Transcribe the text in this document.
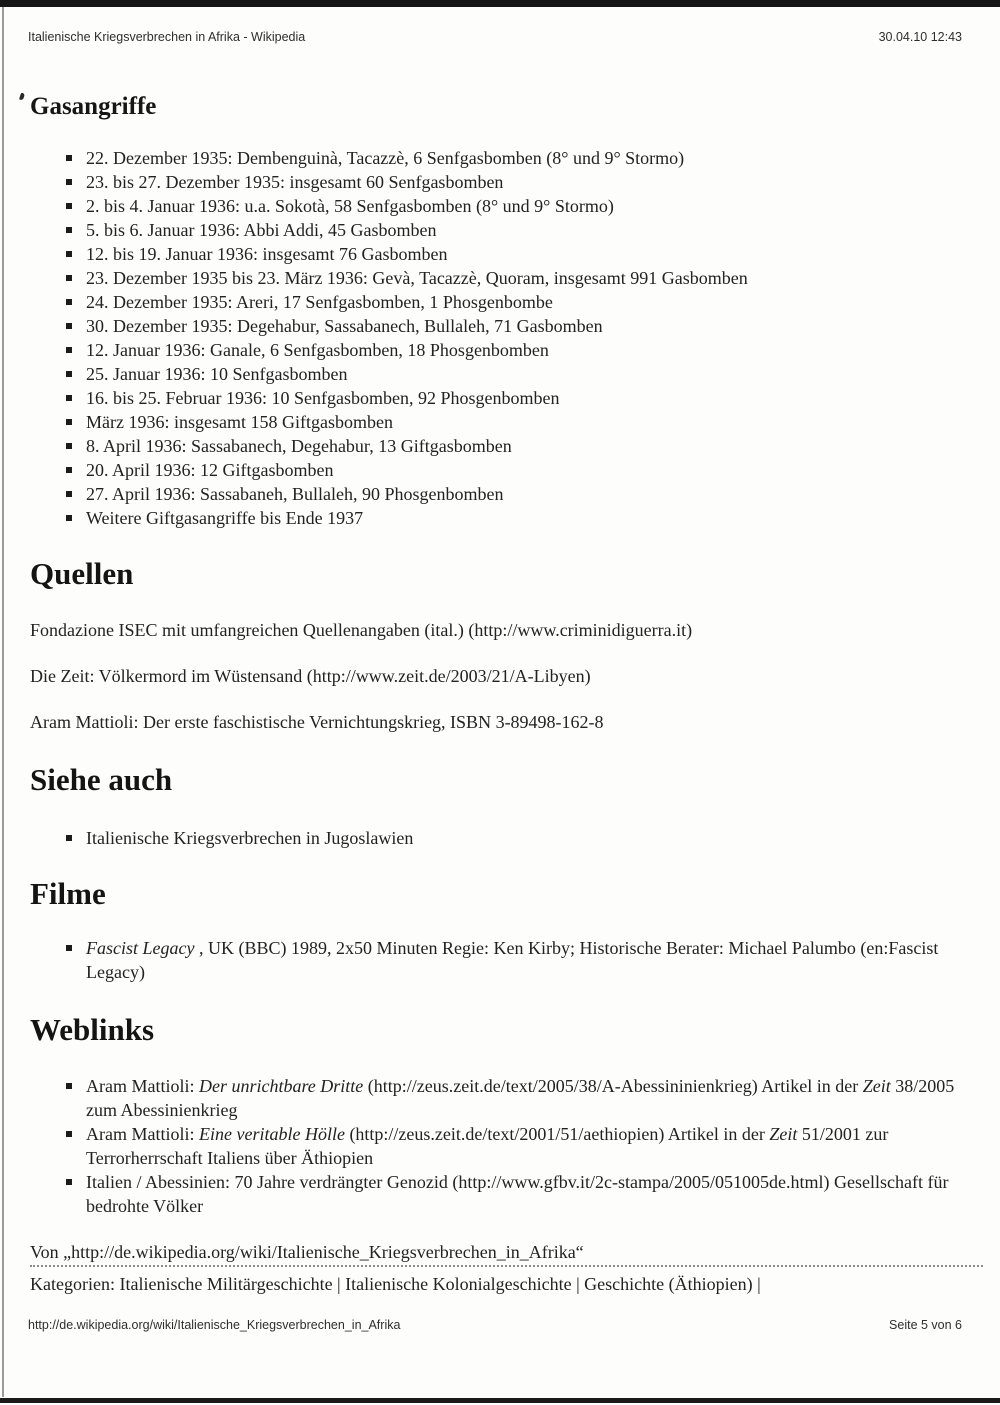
Italienische Kriegsverbrechen in Afrika - Wikipedia	30.04.10 12:43
Gasangriffe
22. Dezember 1935: Dembenguinà, Tacazzè, 6 Senfgasbomben (8° und 9° Stormo)
23. bis 27. Dezember 1935: insgesamt 60 Senfgasbomben
2. bis 4. Januar 1936: u.a. Sokotà, 58 Senfgasbomben (8° und 9° Stormo)
5. bis 6. Januar 1936: Abbi Addi, 45 Gasbomben
12. bis 19. Januar 1936: insgesamt 76 Gasbomben
23. Dezember 1935 bis 23. März 1936: Gevà, Tacazzè, Quoram, insgesamt 991 Gasbomben
24. Dezember 1935: Areri, 17 Senfgasbomben, 1 Phosgenbombe
30. Dezember 1935: Degehabur, Sassabanech, Bullaleh, 71 Gasbomben
12. Januar 1936: Ganale, 6 Senfgasbomben, 18 Phosgenbomben
25. Januar 1936: 10 Senfgasbomben
16. bis 25. Februar 1936: 10 Senfgasbomben, 92 Phosgenbomben
März 1936: insgesamt 158 Giftgasbomben
8. April 1936: Sassabanech, Degehabur, 13 Giftgasbomben
20. April 1936: 12 Giftgasbomben
27. April 1936: Sassabaneh, Bullaleh, 90 Phosgenbomben
Weitere Giftgasangriffe bis Ende 1937
Quellen

Fondazione ISEC mit umfangreichen Quellenangaben (ital.) (http://www.criminidiguerra.it)

Die Zeit: Völkermord im Wüstensand (http://www.zeit.de/2003/21/A-Libyen)

Aram Mattioli: Der erste faschistische Vernichtungskrieg, ISBN 3-89498-162-8

Siehe auch
Italienische Kriegsverbrechen in Jugoslawien
Filme
Fascist Legacy , UK (BBC) 1989, 2x50 Minuten Regie: Ken Kirby; Historische Berater: Michael Palumbo (en:Fascist Legacy)
Weblinks
Aram Mattioli: Der unrichtbare Dritte (http://zeus.zeit.de/text/2005/38/A-Abessininienkrieg) Artikel in der Zeit 38/2005 zum Abessinienkrieg
Aram Mattioli: Eine veritable Hölle (http://zeus.zeit.de/text/2001/51/aethiopien) Artikel in der Zeit 51/2001 zur Terrorherrschaft Italiens über Äthiopien
Italien / Abessinien: 70 Jahre verdrängter Genozid (http://www.gfbv.it/2c-stampa/2005/051005de.html) Gesellschaft für bedrohte Völker
Von „http://de.wikipedia.org/wiki/Italienische_Kriegsverbrechen_in_Afrika“
Kategorien: Italienische Militärgeschichte | Italienische Kolonialgeschichte | Geschichte (Äthiopien) |
http://de.wikipedia.org/wiki/Italienische_Kriegsverbrechen_in_Afrika	Seite 5 von 6
